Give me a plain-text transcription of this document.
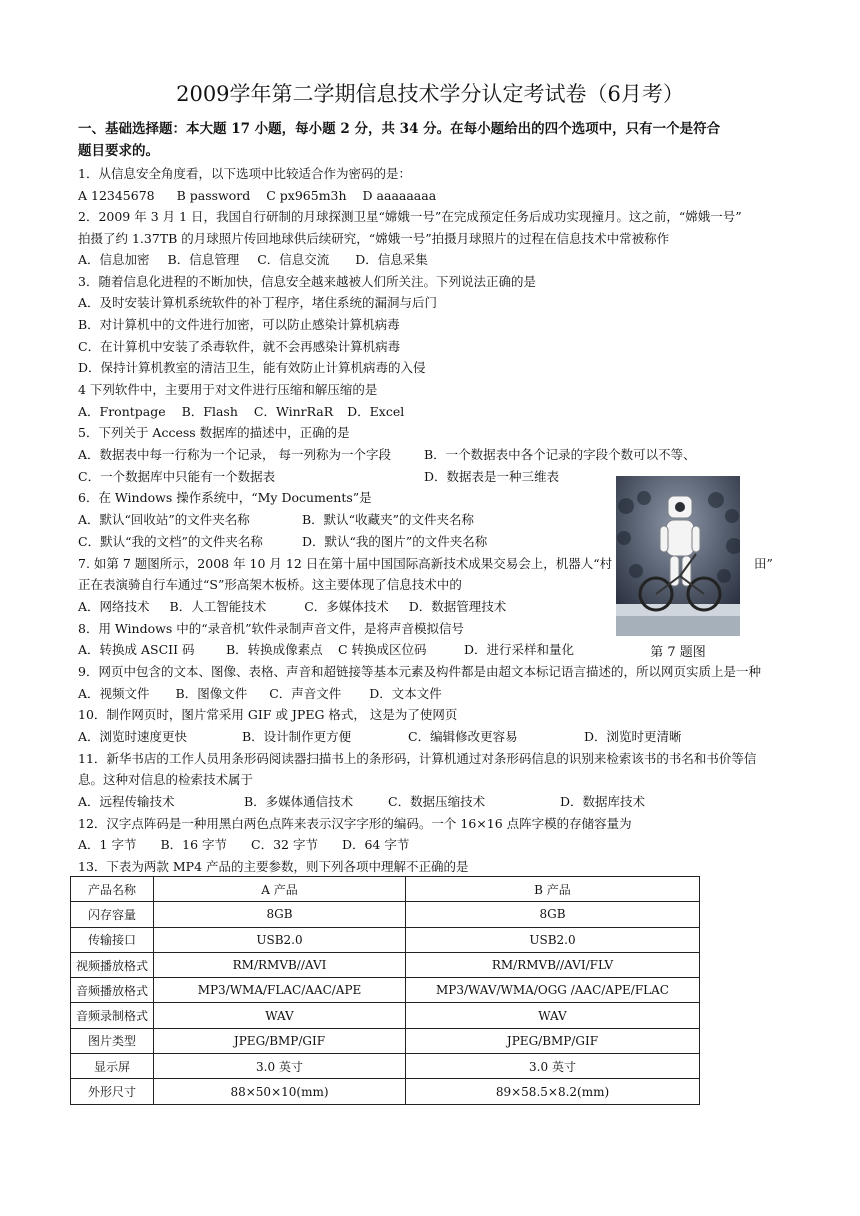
2009学年第二学期信息技术学分认定考试卷（6月考）
一、基础选择题：本大题 17 小题，每小题 2 分，共 34 分。在每小题给出的四个选项中，只有一个是符合
题目要求的。
1．从信息安全角度看，以下选项中比较适合作为密码的是：
A 12345678 B password C px965m3h D aaaaaaaa
2．2009 年 3 月 1 日，我国自行研制的月球探测卫星“嫦娥一号”在完成预定任务后成功实现撞月。这之前，“嫦娥一号”
拍摄了约 1.37TB 的月球照片传回地球供后续研究，“嫦娥一号”拍摄月球照片的过程在信息技术中常被称作
A．信息加密 B．信息管理 C．信息交流 D．信息采集
3．随着信息化进程的不断加快，信息安全越来越被人们所关注。下列说法正确的是
A．及时安装计算机系统软件的补丁程序，堵住系统的漏洞与后门
B．对计算机中的文件进行加密，可以防止感染计算机病毒
C．在计算机中安装了杀毒软件，就不会再感染计算机病毒
D．保持计算机教室的清洁卫生，能有效防止计算机病毒的入侵
4 下列软件中，主要用于对文件进行压缩和解压缩的是
A．Frontpage B．Flash C．WinrRaR D．Excel
5．下列关于 Access 数据库的描述中，正确的是
A．数据表中每一行称为一个记录， 每一列称为一个字段	B．一个数据表中各个记录的字段个数可以不等、
C．一个数据库中只能有一个数据表	D．数据表是一种三维表
6．在 Windows 操作系统中，“My Documents”是
A．默认“回收站”的文件夹名称	B．默认“收藏夹”的文件夹名称
C．默认“我的文档”的文件夹名称	D．默认“我的图片”的文件夹名称
7. 如第 7 题图所示，2008 年 10 月 12 日在第十届中国国际高新技术成果交易会上，机器人“村	田”
正在表演骑自行车通过“S”形高架木板桥。这主要体现了信息技术中的
A．网络技术 B．人工智能技术	C．多媒体技术 D．数据管理技术
第 7 题图
8．用 Windows 中的“录音机”软件录制声音文件，是将声音模拟信号
A．转换成 ASCII 码	B．转换成像素点 C 转换成区位码	D．进行采样和量化
9．网页中包含的文本、图像、表格、声音和超链接等基本元素及构件都是由超文本标记语言描述的，所以网页实质上是一种
A．视频文件 B．图像文件 C．声音文件 D．文本文件
10．制作网页时，图片常采用 GIF 或 JPEG 格式， 这是为了使网页
A．浏览时速度更快	B．设计制作更方便	C．编辑修改更容易	D．浏览时更清晰
11．新华书店的工作人员用条形码阅读器扫描书上的条形码，计算机通过对条形码信息的识别来检索该书的书名和书价等信
息。这种对信息的检索技术属于
A．远程传输技术	B．多媒体通信技术	C．数据压缩技术	D．数据库技术
12．汉字点阵码是一种用黑白两色点阵来表示汉字字形的编码。一个 16×16 点阵字模的存储容量为
A．1 字节 B．16 字节 C．32 字节 D．64 字节
13．下表为两款 MP4 产品的主要参数，则下列各项中理解不正确的是
产品名称	A 产品	B 产品
闪存容量	8GB	8GB
传输接口	USB2.0	USB2.0
视频播放格式	RM/RMVB//AVI	RM/RMVB//AVI/FLV
音频播放格式	MP3/WMA/FLAC/AAC/APE	MP3/WAV/WMA/OGG /AAC/APE/FLAC
音频录制格式	WAV	WAV
图片类型	JPEG/BMP/GIF	JPEG/BMP/GIF
显示屏	3.0 英寸	3.0 英寸
外形尺寸	88×50×10(mm)	89×58.5×8.2(mm)
